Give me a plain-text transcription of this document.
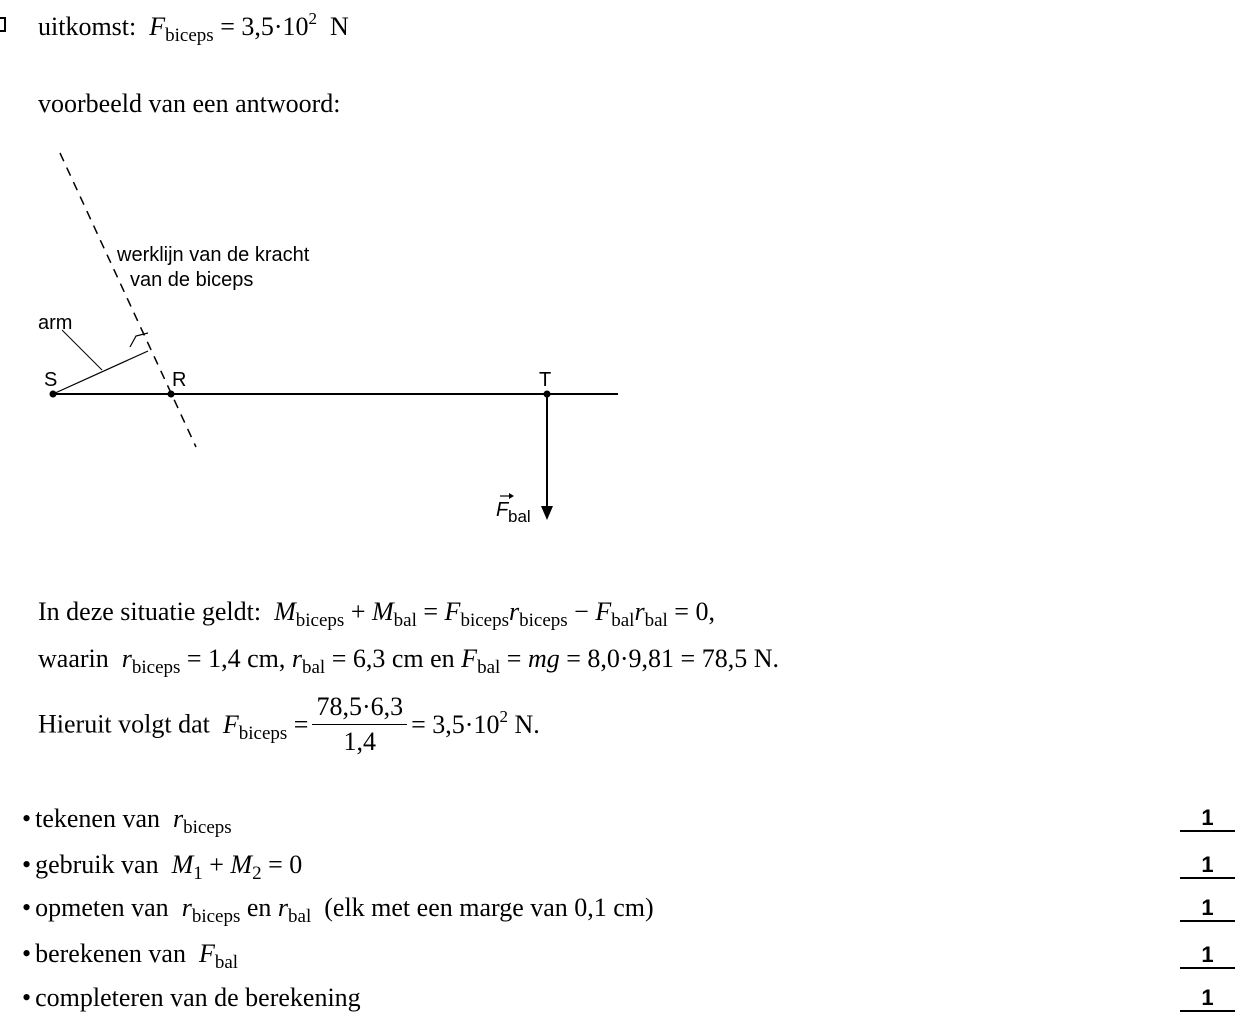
uitkomst: $F_{biceps} = 3,5\cdot 10^2$ N
voorbeeld van een antwoord:
werklijn van de kracht
van de biceps
arm
S	R	T
F bal
In deze situatie geldt: $M_{biceps} + M_{bal} = F_{biceps}r_{biceps} - F_{bal}r_{bal} = 0$,
waarin $r_{biceps} = 1,4$ cm, $r_{bal} = 6,3$ cm en $F_{bal}$ = mg = 8,0·9,81 = 78,5 N.
Hieruit volgt dat $F_{biceps} = \frac{78,5\cdot 6,3}{1,4} = 3,5\cdot 10^2$ N.
• tekenen van $r_{biceps}$	1
• gebruik van $M_1 + M_2 = 0$	1
• opmeten van $r_{biceps}$ en $r_{bal}$  (elk met een marge van 0,1 cm)	1
• berekenen van $F_{bal}$	1
• completeren van de berekening	1
